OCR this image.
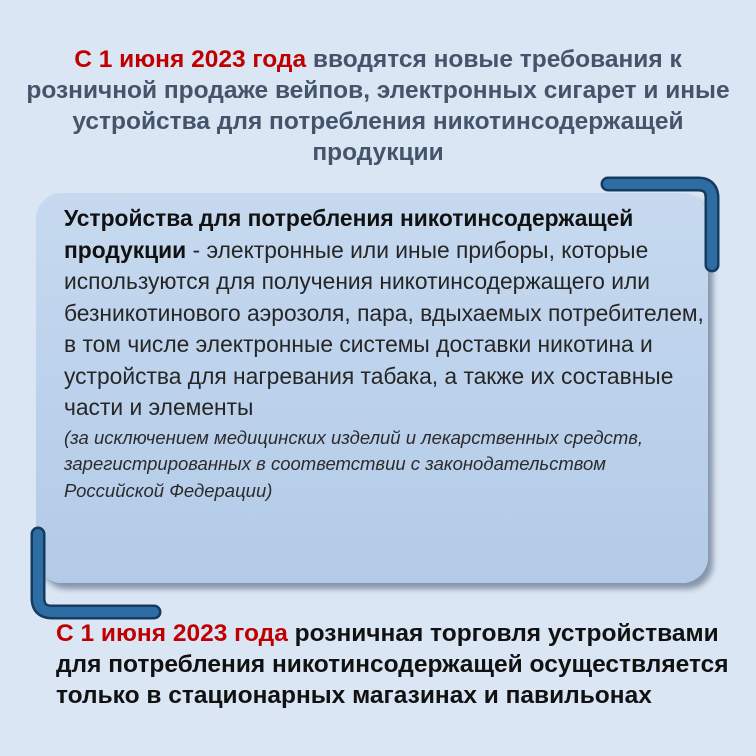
С 1 июня 2023 года вводятся новые требования к розничной продаже вейпов, электронных сигарет и иные устройства для потребления никотинсодержащей продукции
Устройства для потребления никотинсодержащей продукции - электронные или иные приборы, которые используются для получения никотинсодержащего или безникотинового аэрозоля, пара, вдыхаемых потребителем, в том числе электронные системы доставки никотина и устройства для нагревания табака, а также их составные части и элементы
(за исключением медицинских изделий и лекарственных средств, зарегистрированных в соответствии с законодательством Российской Федерации)
С 1 июня 2023 года розничная торговля устройствами для потребления никотинсодержащей осуществляется только в стационарных магазинах и павильонах
